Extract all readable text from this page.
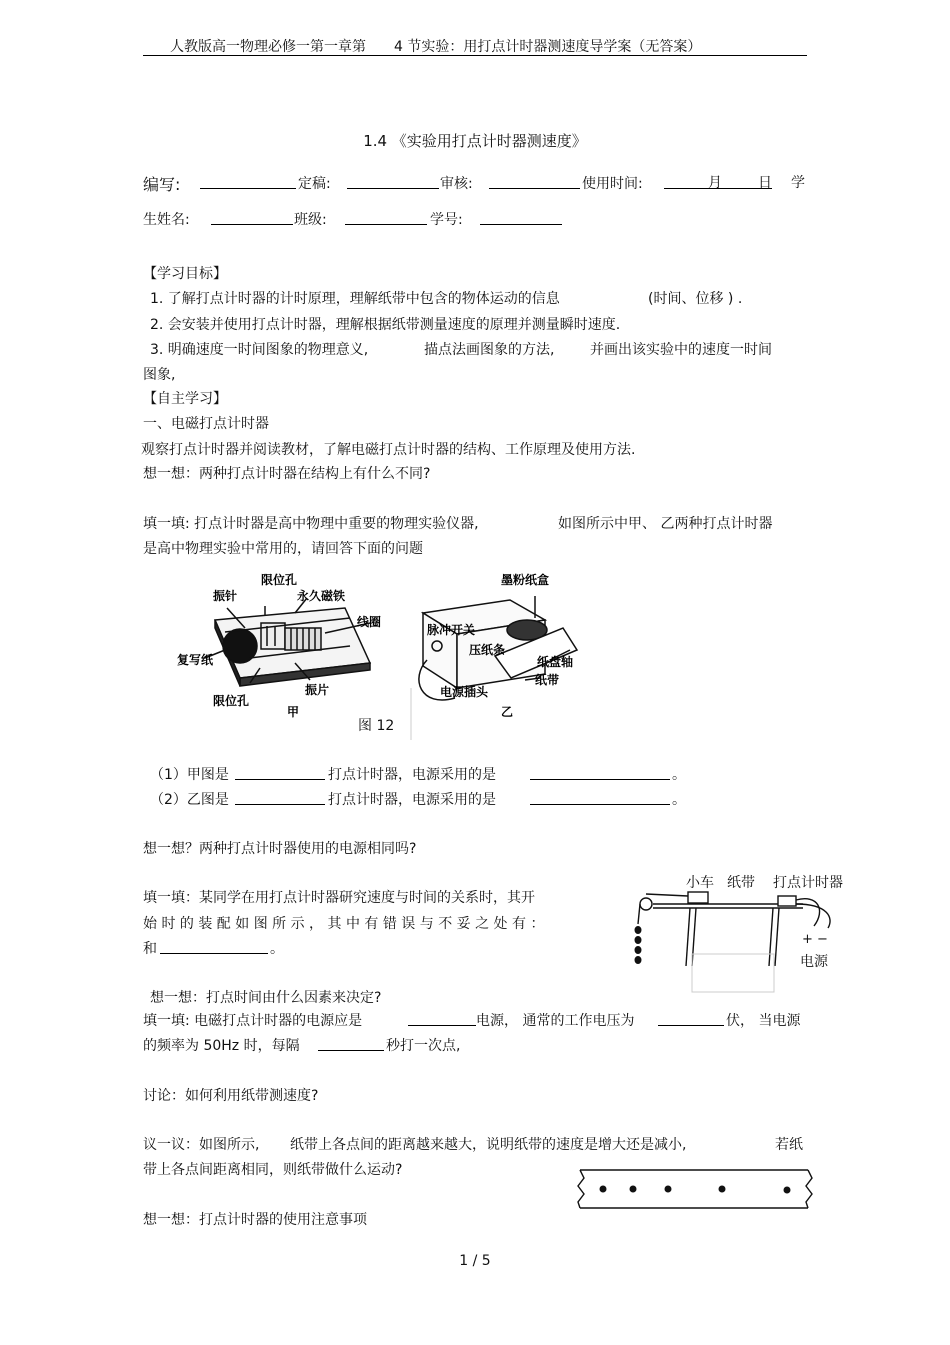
人教版高一物理必修一第一章第　　4 节实验：用打点计时器测速度导学案（无答案）
1.4 《实验用打点计时器测速度》
编写:	定稿:	审核:	使用时间:	月	日 学
生姓名:	班级:	学号:
【学习目标】
1. 了解打点计时器的计时原理，理解纸带中包含的物体运动的信息	(时间、位移 ) .
2. 会安装并使用打点计时器，理解根据纸带测量速度的原理并测量瞬时速度.
3. 明确速度一时间图象的物理意义,	描点法画图象的方法,	并画出该实验中的速度一时间
图象,
【自主学习】
一、电磁打点计时器
观察打点计时器并阅读教材，了解电磁打点计时器的结构、工作原理及使用方法.
想一想：两种打点计时器在结构上有什么不同?
填一填: 打点计时器是高中物理中重要的物理实验仪器,	如图所示中甲、 乙两种打点计时器
是高中物理实验中常用的，请回答下面的问题
限位孔
振针	永久磁铁
线圈
复写纸
振片
限位孔
甲
墨粉纸盒
脉冲开关
压纸条
纸盘轴
纸带
电源插头
乙
图 12
（1）甲图是	打点计时器，电源采用的是	。
（2）乙图是	打点计时器，电源采用的是	。
想一想？两种打点计时器使用的电源相同吗?
填一填：某同学在用打点计时器研究速度与时间的关系时，其开
始 时 的 装 配 如 图 所 示 ， 其 中 有 错 误 与 不 妥 之 处 有 ：
和	。
小车 纸带 打点计时器
+ −
电源
想一想：打点时间由什么因素来决定?
填一填: 电磁打点计时器的电源应是	电源， 通常的工作电压为	伏， 当电源
的频率为 50Hz 时，每隔	秒打一次点,
讨论：如何利用纸带测速度?
议一议：如图所示, 纸带上各点间的距离越来越大，说明纸带的速度是增大还是减小,	若纸
带上各点间距离相同，则纸带做什么运动?
想一想：打点计时器的使用注意事项
1 / 5
